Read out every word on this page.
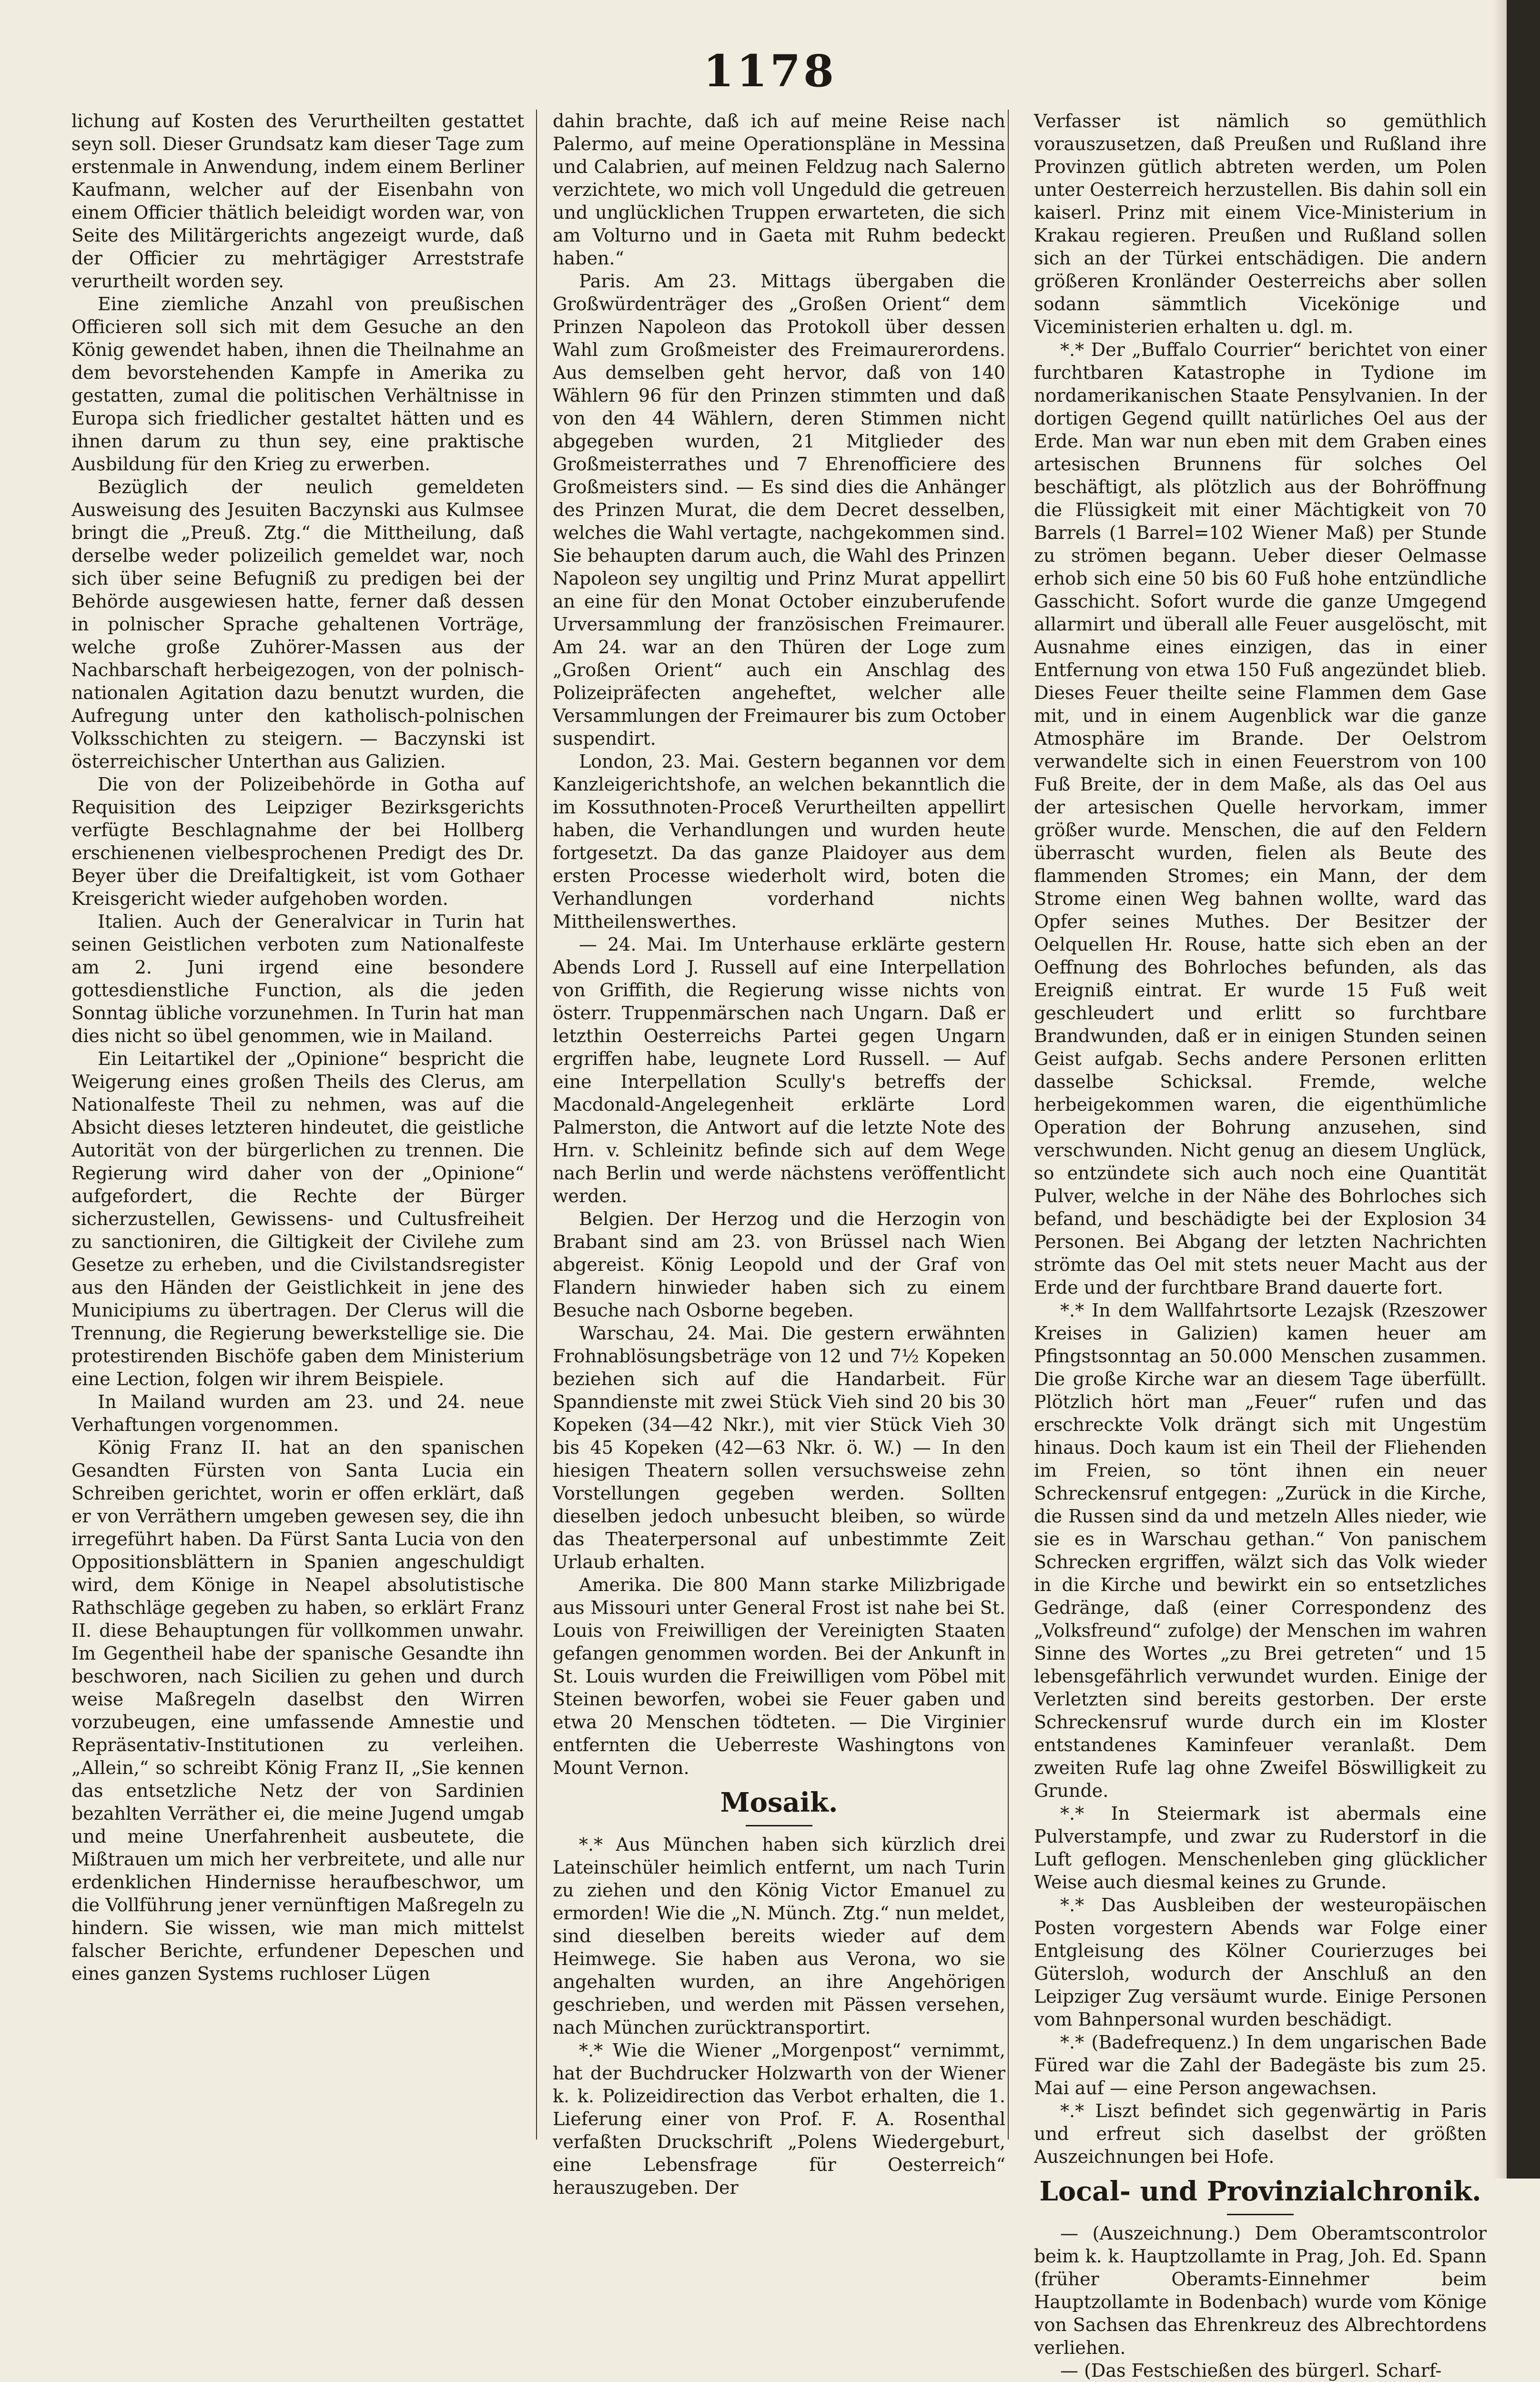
1178

lichung auf Kosten des Verurtheilten gestattet seyn soll. Dieser Grundsatz kam dieser Tage zum erstenmale in Anwendung, indem einem Berliner Kaufmann, welcher auf der Eisenbahn von einem Officier thätlich beleidigt worden war, von Seite des Militärgerichts angezeigt wurde, daß der Officier zu mehrtägiger Arreststrafe verurtheilt worden sey.

Eine ziemliche Anzahl von preußischen Officieren soll sich mit dem Gesuche an den König gewendet haben, ihnen die Theilnahme an dem bevorstehenden Kampfe in Amerika zu gestatten, zumal die politischen Verhältnisse in Europa sich friedlicher gestaltet hätten und es ihnen darum zu thun sey, eine praktische Ausbildung für den Krieg zu erwerben.

Bezüglich der neulich gemeldeten Ausweisung des Jesuiten Baczynski aus Kulmsee bringt die „Preuß. Ztg.“ die Mittheilung, daß derselbe weder polizeilich gemeldet war, noch sich über seine Befugniß zu predigen bei der Behörde ausgewiesen hatte, ferner daß dessen in polnischer Sprache gehaltenen Vorträge, welche große Zuhörer-Massen aus der Nachbarschaft herbeigezogen, von der polnisch-nationalen Agitation dazu benutzt wurden, die Aufregung unter den katholisch-polnischen Volksschichten zu steigern. — Baczynski ist österreichischer Unterthan aus Galizien.

Die von der Polizeibehörde in Gotha auf Requisition des Leipziger Bezirksgerichts verfügte Beschlagnahme der bei Hollberg erschienenen vielbesprochenen Predigt des Dr. Beyer über die Dreifaltigkeit, ist vom Gothaer Kreisgericht wieder aufgehoben worden.

Italien. Auch der Generalvicar in Turin hat seinen Geistlichen verboten zum Nationalfeste am 2. Juni irgend eine besondere gottesdienstliche Function, als die jeden Sonntag übliche vorzunehmen. In Turin hat man dies nicht so übel genommen, wie in Mailand.

Ein Leitartikel der „Opinione“ bespricht die Weigerung eines großen Theils des Clerus, am Nationalfeste Theil zu nehmen, was auf die Absicht dieses letzteren hindeutet, die geistliche Autorität von der bürgerlichen zu trennen. Die Regierung wird daher von der „Opinione“ aufgefordert, die Rechte der Bürger sicherzustellen, Gewissens- und Cultusfreiheit zu sanctioniren, die Giltigkeit der Civilehe zum Gesetze zu erheben, und die Civilstandsregister aus den Händen der Geistlichkeit in jene des Municipiums zu übertragen. Der Clerus will die Trennung, die Regierung bewerkstellige sie. Die protestirenden Bischöfe gaben dem Ministerium eine Lection, folgen wir ihrem Beispiele.

In Mailand wurden am 23. und 24. neue Verhaftungen vorgenommen.

König Franz II. hat an den spanischen Gesandten Fürsten von Santa Lucia ein Schreiben gerichtet, worin er offen erklärt, daß er von Verräthern umgeben gewesen sey, die ihn irregeführt haben. Da Fürst Santa Lucia von den Oppositionsblättern in Spanien angeschuldigt wird, dem Könige in Neapel absolutistische Rathschläge gegeben zu haben, so erklärt Franz II. diese Behauptungen für vollkommen unwahr. Im Gegentheil habe der spanische Gesandte ihn beschworen, nach Sicilien zu gehen und durch weise Maßregeln daselbst den Wirren vorzubeugen, eine umfassende Amnestie und Repräsentativ-Institutionen zu verleihen. „Allein,“ so schreibt König Franz II, „Sie kennen das entsetzliche Netz der von Sardinien bezahlten Verräther ei, die meine Jugend umgab und meine Unerfahrenheit ausbeutete, die Mißtrauen um mich her verbreitete, und alle nur erdenklichen Hindernisse heraufbeschwor, um die Vollführung jener vernünftigen Maßregeln zu hindern. Sie wissen, wie man mich mittelst falscher Berichte, erfundener Depeschen und eines ganzen Systems ruchloser Lügen

dahin brachte, daß ich auf meine Reise nach Palermo, auf meine Operationspläne in Messina und Calabrien, auf meinen Feldzug nach Salerno verzichtete, wo mich voll Ungeduld die getreuen und unglücklichen Truppen erwarteten, die sich am Volturno und in Gaeta mit Ruhm bedeckt haben.“

Paris. Am 23. Mittags übergaben die Großwürdenträger des „Großen Orient“ dem Prinzen Napoleon das Protokoll über dessen Wahl zum Großmeister des Freimaurerordens. Aus demselben geht hervor, daß von 140 Wählern 96 für den Prinzen stimmten und daß von den 44 Wählern, deren Stimmen nicht abgegeben wurden, 21 Mitglieder des Großmeisterrathes und 7 Ehrenofficiere des Großmeisters sind. — Es sind dies die Anhänger des Prinzen Murat, die dem Decret desselben, welches die Wahl vertagte, nachgekommen sind. Sie behaupten darum auch, die Wahl des Prinzen Napoleon sey ungiltig und Prinz Murat appellirt an eine für den Monat October einzuberufende Urversammlung der französischen Freimaurer. Am 24. war an den Thüren der Loge zum „Großen Orient“ auch ein Anschlag des Polizeipräfecten angeheftet, welcher alle Versammlungen der Freimaurer bis zum October suspendirt.

London, 23. Mai. Gestern begannen vor dem Kanzleigerichtshofe, an welchen bekanntlich die im Kossuthnoten-Proceß Verurtheilten appellirt haben, die Verhandlungen und wurden heute fortgesetzt. Da das ganze Plaidoyer aus dem ersten Processe wiederholt wird, boten die Verhandlungen vorderhand nichts Mittheilenswerthes.

— 24. Mai. Im Unterhause erklärte gestern Abends Lord J. Russell auf eine Interpellation von Griffith, die Regierung wisse nichts von österr. Truppenmärschen nach Ungarn. Daß er letzthin Oesterreichs Partei gegen Ungarn ergriffen habe, leugnete Lord Russell. — Auf eine Interpellation Scully's betreffs der Macdonald-Angelegenheit erklärte Lord Palmerston, die Antwort auf die letzte Note des Hrn. v. Schleinitz befinde sich auf dem Wege nach Berlin und werde nächstens veröffentlicht werden.

Belgien. Der Herzog und die Herzogin von Brabant sind am 23. von Brüssel nach Wien abgereist. König Leopold und der Graf von Flandern hinwieder haben sich zu einem Besuche nach Osborne begeben.

Warschau, 24. Mai. Die gestern erwähnten Frohnablösungsbeträge von 12 und 7½ Kopeken beziehen sich auf die Handarbeit. Für Spanndienste mit zwei Stück Vieh sind 20 bis 30 Kopeken (34—42 Nkr.), mit vier Stück Vieh 30 bis 45 Kopeken (42—63 Nkr. ö. W.) — In den hiesigen Theatern sollen versuchsweise zehn Vorstellungen gegeben werden. Sollten dieselben jedoch unbesucht bleiben, so würde das Theaterpersonal auf unbestimmte Zeit Urlaub erhalten.

Amerika. Die 800 Mann starke Milizbrigade aus Missouri unter General Frost ist nahe bei St. Louis von Freiwilligen der Vereinigten Staaten gefangen genommen worden. Bei der Ankunft in St. Louis wurden die Freiwilligen vom Pöbel mit Steinen beworfen, wobei sie Feuer gaben und etwa 20 Menschen tödteten. — Die Virginier entfernten die Ueberreste Washingtons von Mount Vernon.

Mosaik.

*.* Aus München haben sich kürzlich drei Lateinschüler heimlich entfernt, um nach Turin zu ziehen und den König Victor Emanuel zu ermorden! Wie die „N. Münch. Ztg.“ nun meldet, sind dieselben bereits wieder auf dem Heimwege. Sie haben aus Verona, wo sie angehalten wurden, an ihre Angehörigen geschrieben, und werden mit Pässen versehen, nach München zurücktransportirt.

*.* Wie die Wiener „Morgenpost“ vernimmt, hat der Buchdrucker Holzwarth von der Wiener k. k. Polizeidirection das Verbot erhalten, die 1. Lieferung einer von Prof. F. A. Rosenthal verfaßten Druckschrift „Polens Wiedergeburt, eine Lebensfrage für Oesterreich“ herauszugeben. Der

Verfasser ist nämlich so gemüthlich vorauszusetzen, daß Preußen und Rußland ihre Provinzen gütlich abtreten werden, um Polen unter Oesterreich herzustellen. Bis dahin soll ein kaiserl. Prinz mit einem Vice-Ministerium in Krakau regieren. Preußen und Rußland sollen sich an der Türkei entschädigen. Die andern größeren Kronländer Oesterreichs aber sollen sodann sämmtlich Vicekönige und Viceministerien erhalten u. dgl. m.

*.* Der „Buffalo Courrier“ berichtet von einer furchtbaren Katastrophe in Tydione im nordamerikanischen Staate Pensylvanien. In der dortigen Gegend quillt natürliches Oel aus der Erde. Man war nun eben mit dem Graben eines artesischen Brunnens für solches Oel beschäftigt, als plötzlich aus der Bohröffnung die Flüssigkeit mit einer Mächtigkeit von 70 Barrels (1 Barrel=102 Wiener Maß) per Stunde zu strömen begann. Ueber dieser Oelmasse erhob sich eine 50 bis 60 Fuß hohe entzündliche Gasschicht. Sofort wurde die ganze Umgegend allarmirt und überall alle Feuer ausgelöscht, mit Ausnahme eines einzigen, das in einer Entfernung von etwa 150 Fuß angezündet blieb. Dieses Feuer theilte seine Flammen dem Gase mit, und in einem Augenblick war die ganze Atmosphäre im Brande. Der Oelstrom verwandelte sich in einen Feuerstrom von 100 Fuß Breite, der in dem Maße, als das Oel aus der artesischen Quelle hervorkam, immer größer wurde. Menschen, die auf den Feldern überrascht wurden, fielen als Beute des flammenden Stromes; ein Mann, der dem Strome einen Weg bahnen wollte, ward das Opfer seines Muthes. Der Besitzer der Oelquellen Hr. Rouse, hatte sich eben an der Oeffnung des Bohrloches befunden, als das Ereigniß eintrat. Er wurde 15 Fuß weit geschleudert und erlitt so furchtbare Brandwunden, daß er in einigen Stunden seinen Geist aufgab. Sechs andere Personen erlitten dasselbe Schicksal. Fremde, welche herbeigekommen waren, die eigenthümliche Operation der Bohrung anzusehen, sind verschwunden. Nicht genug an diesem Unglück, so entzündete sich auch noch eine Quantität Pulver, welche in der Nähe des Bohrloches sich befand, und beschädigte bei der Explosion 34 Personen. Bei Abgang der letzten Nachrichten strömte das Oel mit stets neuer Macht aus der Erde und der furchtbare Brand dauerte fort.

*.* In dem Wallfahrtsorte Lezajsk (Rzeszower Kreises in Galizien) kamen heuer am Pfingstsonntag an 50.000 Menschen zusammen. Die große Kirche war an diesem Tage überfüllt. Plötzlich hört man „Feuer“ rufen und das erschreckte Volk drängt sich mit Ungestüm hinaus. Doch kaum ist ein Theil der Fliehenden im Freien, so tönt ihnen ein neuer Schreckensruf entgegen: „Zurück in die Kirche, die Russen sind da und metzeln Alles nieder, wie sie es in Warschau gethan.“ Von panischem Schrecken ergriffen, wälzt sich das Volk wieder in die Kirche und bewirkt ein so entsetzliches Gedränge, daß (einer Correspondenz des „Volksfreund“ zufolge) der Menschen im wahren Sinne des Wortes „zu Brei getreten“ und 15 lebensgefährlich verwundet wurden. Einige der Verletzten sind bereits gestorben. Der erste Schreckensruf wurde durch ein im Kloster entstandenes Kaminfeuer veranlaßt. Dem zweiten Rufe lag ohne Zweifel Böswilligkeit zu Grunde.

*.* In Steiermark ist abermals eine Pulverstampfe, und zwar zu Ruderstorf in die Luft geflogen. Menschenleben ging glücklicher Weise auch diesmal keines zu Grunde.

*.* Das Ausbleiben der westeuropäischen Posten vorgestern Abends war Folge einer Entgleisung des Kölner Courierzuges bei Gütersloh, wodurch der Anschluß an den Leipziger Zug versäumt wurde. Einige Personen vom Bahnpersonal wurden beschädigt.

*.* (Badefrequenz.) In dem ungarischen Bade Füred war die Zahl der Badegäste bis zum 25. Mai auf — eine Person angewachsen.

*.* Liszt befindet sich gegenwärtig in Paris und erfreut sich daselbst der größten Auszeichnungen bei Hofe.

Local- und Provinzialchronik.

— (Auszeichnung.) Dem Oberamtscontrolor beim k. k. Hauptzollamte in Prag, Joh. Ed. Spann (früher Oberamts-Einnehmer beim Hauptzollamte in Bodenbach) wurde vom Könige von Sachsen das Ehrenkreuz des Albrechtordens verliehen.

— (Das Festschießen des bürgerl. Scharf-
